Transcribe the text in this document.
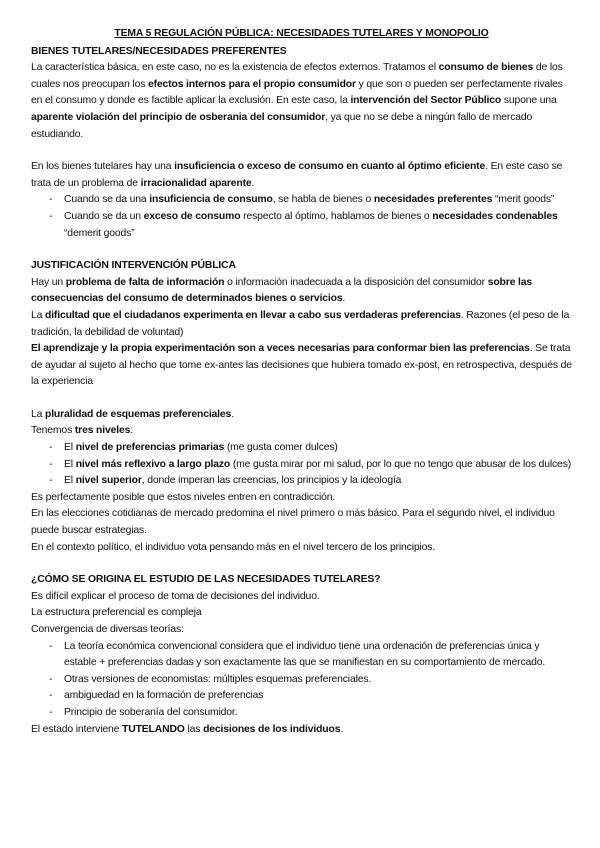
TEMA 5 REGULACIÓN PÚBLICA: NECESIDADES TUTELARES Y MONOPOLIO

BIENES TUTELARES/NECESIDADES PREFERENTES

La característica básica, en este caso, no es la existencia de efectos externos. Tratamos el consumo de bienes de los cuales nos preocupan los efectos internos para el propio consumidor y que son o pueden ser perfectamente rivales en el consumo y donde es factible aplicar la exclusión. En este caso, la intervención del Sector Público supone una aparente violación del principio de osberania del consumidor, ya que no se debe a ningún fallo de mercado estudiando.

En los bienes tutelares hay una insuficiencia o exceso de consumo en cuanto al óptimo eficiente. En este caso se trata de un problema de irracionalidad aparente.

- Cuando se da una insuficiencia de consumo, se habla de bienes o necesidades preferentes “merit goods”
- Cuando se da un exceso de consumo respecto al óptimo, hablamos de bienes o necesidades condenables “demerit goods”

JUSTIFICACIÓN INTERVENCIÓN PÚBLICA

Hay un problema de falta de información o información inadecuada a la disposición del consumidor sobre las consecuencias del consumo de determinados bienes o servicios.

La dificultad que el ciudadanos experimenta en llevar a cabo sus verdaderas preferencias. Razones (el peso de la tradición, la debilidad de voluntad)

El aprendizaje y la propia experimentación son a veces necesarias para conformar bien las preferencias. Se trata de ayudar al sujeto al hecho que tome ex-antes las decisiones que hubiera tomado ex-post, en retrospectiva, después de la experiencia

La pluralidad de esquemas preferenciales.

Tenemos tres niveles:

- El nivel de preferencias primarias (me gusta comer dulces)
- El nivel más reflexivo a largo plazo (me gusta mirar por mi salud, por lo que no tengo que abusar de los dulces)
- El nivel superior, donde imperan las creencias, los principios y la ideología

Es perfectamente posible que estos niveles entren en contradicción.

En las elecciones cotidianas de mercado predomina el nivel primero o más básico. Para el segundo nivel, el individuo puede buscar estrategias.

En el contexto político, el individuo vota pensando más en el nivel tercero de los principios.

¿CÓMO SE ORIGINA EL ESTUDIO DE LAS NECESIDADES TUTELARES?

Es difícil explicar el proceso de toma de decisiones del individuo.

La estructura preferencial es compleja

Convergencia de diversas teorías:

- La teoría económica convencional considera que el individuo tiene una ordenación de preferencias única y estable + preferencias dadas y son exactamente las que se manifiestan en su comportamiento de mercado.
- Otras versiones de economistas: múltiples esquemas preferenciales.
- ambiguedad en la formación de preferencias
- Principio de soberanía del consumidor.

El estado interviene TUTELANDO las decisiones de los individuos.
